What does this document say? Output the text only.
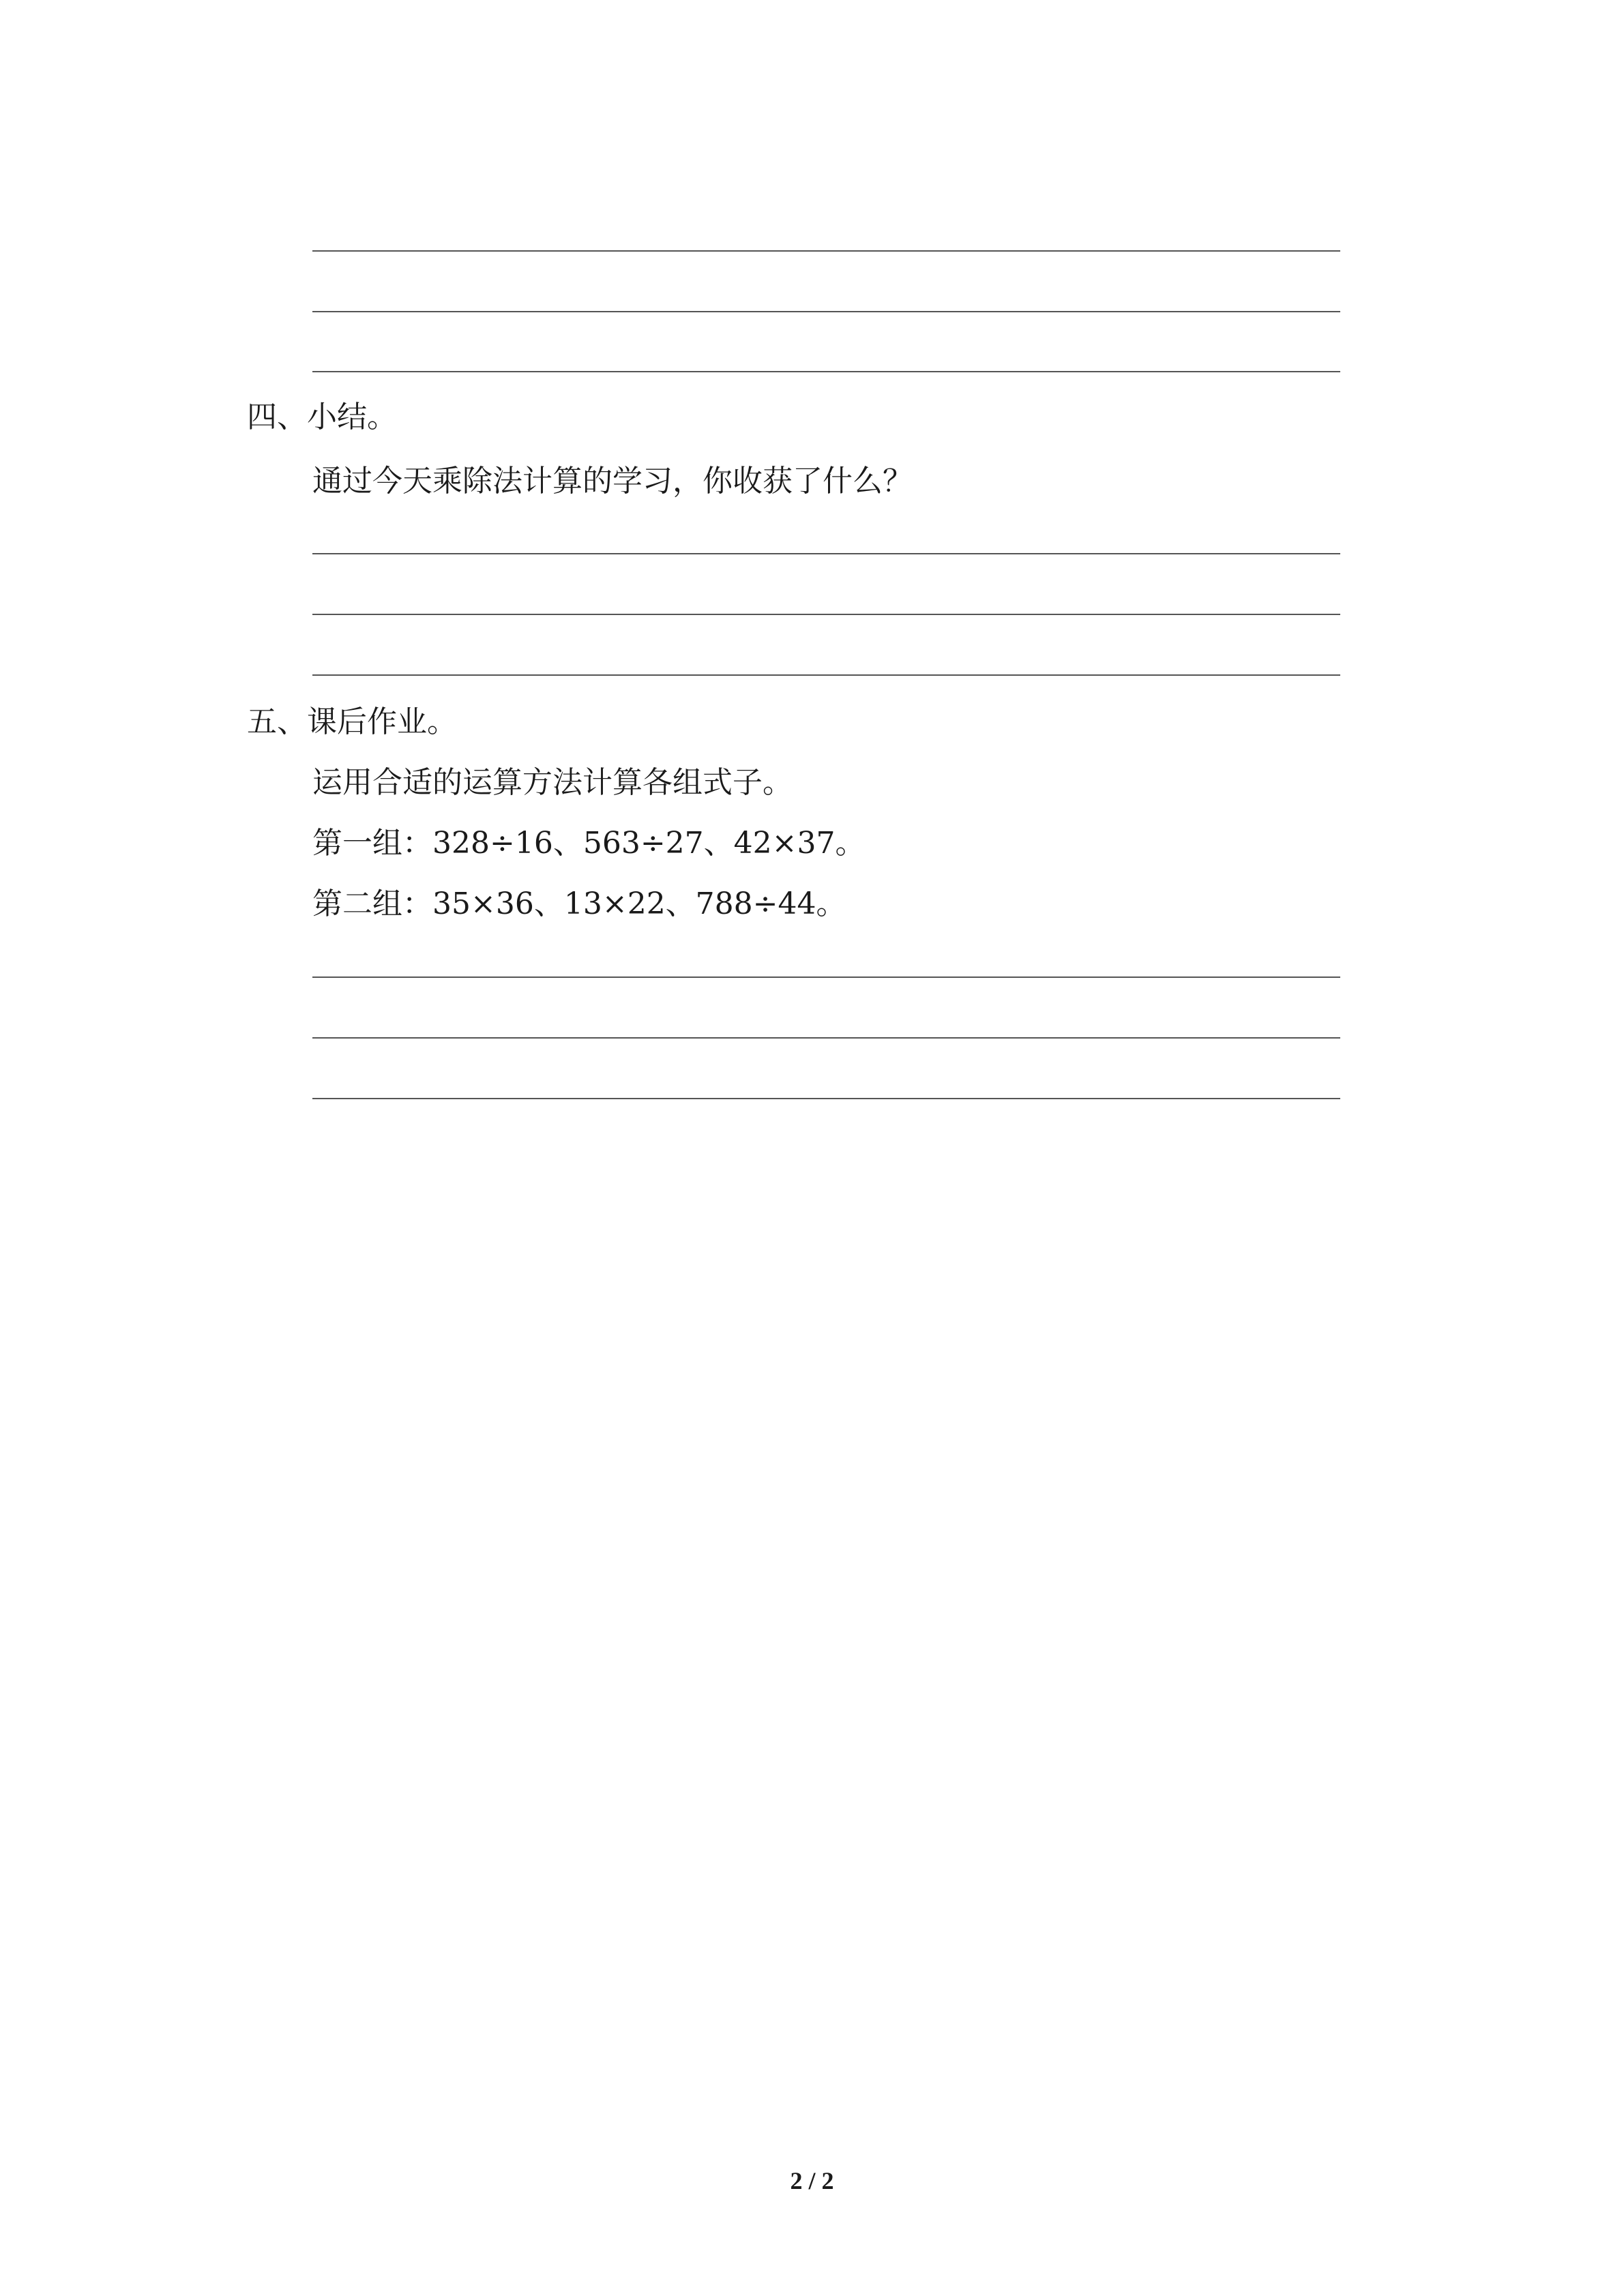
四、小结。
通过今天乘除法计算的学习，你收获了什么？
五、课后作业。
运用合适的运算方法计算各组式子。
第一组：328÷16、563÷27、42×37。
第二组：35×36、13×22、788÷44。
2 / 2
